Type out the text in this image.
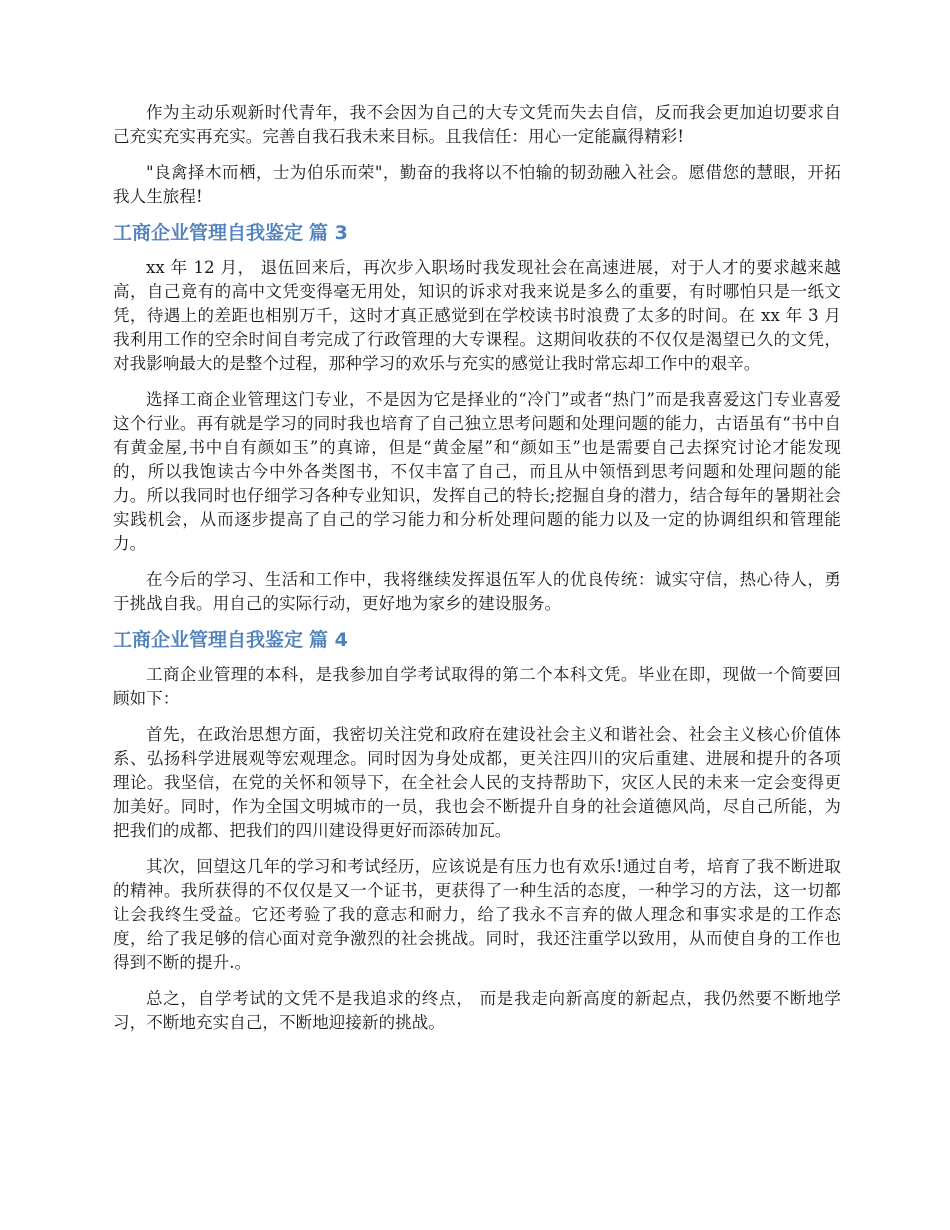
作为主动乐观新时代青年，我不会因为自己的大专文凭而失去自信，反而我会更加迫切要求自己充实充实再充实。完善自我石我未来目标。且我信任：用心一定能赢得精彩!

"良禽择木而栖，士为伯乐而荣"，勤奋的我将以不怕输的韧劲融入社会。愿借您的慧眼，开拓我人生旅程!

工商企业管理自我鉴定 篇 3

xx 年 12 月， 退伍回来后，再次步入职场时我发现社会在高速进展，对于人才的要求越来越高，自己竟有的高中文凭变得毫无用处，知识的诉求对我来说是多么的重要，有时哪怕只是一纸文凭，待遇上的差距也相别万千，这时才真正感觉到在学校读书时浪费了太多的时间。在 xx 年 3 月我利用工作的空余时间自考完成了行政管理的大专课程。这期间收获的不仅仅是渴望已久的文凭，对我影响最大的是整个过程，那种学习的欢乐与充实的感觉让我时常忘却工作中的艰辛。

选择工商企业管理这门专业，不是因为它是择业的“冷门”或者“热门”而是我喜爱这门专业喜爱这个行业。再有就是学习的同时我也培育了自己独立思考问题和处理问题的能力，古语虽有“书中自有黄金屋,书中自有颜如玉”的真谛，但是“黄金屋”和“颜如玉”也是需要自己去探究讨论才能发现的，所以我饱读古今中外各类图书，不仅丰富了自己，而且从中领悟到思考问题和处理问题的能力。所以我同时也仔细学习各种专业知识，发挥自己的特长;挖掘自身的潜力，结合每年的暑期社会实践机会，从而逐步提高了自己的学习能力和分析处理问题的能力以及一定的协调组织和管理能力。

在今后的学习、生活和工作中，我将继续发挥退伍军人的优良传统：诚实守信，热心待人，勇于挑战自我。用自己的实际行动，更好地为家乡的建设服务。

工商企业管理自我鉴定 篇 4

工商企业管理的本科，是我参加自学考试取得的第二个本科文凭。毕业在即，现做一个简要回顾如下：

首先，在政治思想方面，我密切关注党和政府在建设社会主义和谐社会、社会主义核心价值体系、弘扬科学进展观等宏观理念。同时因为身处成都，更关注四川的灾后重建、进展和提升的各项理论。我坚信，在党的关怀和领导下，在全社会人民的支持帮助下，灾区人民的未来一定会变得更加美好。同时，作为全国文明城市的一员，我也会不断提升自身的社会道德风尚，尽自己所能，为把我们的成都、把我们的四川建设得更好而添砖加瓦。

其次，回望这几年的学习和考试经历，应该说是有压力也有欢乐!通过自考，培育了我不断进取的精神。我所获得的不仅仅是又一个证书，更获得了一种生活的态度，一种学习的方法，这一切都让会我终生受益。它还考验了我的意志和耐力，给了我永不言弃的做人理念和事实求是的工作态度，给了我足够的信心面对竞争激烈的社会挑战。同时，我还注重学以致用，从而使自身的工作也得到不断的提升.。

总之，自学考试的文凭不是我追求的终点， 而是我走向新高度的新起点，我仍然要不断地学习，不断地充实自己，不断地迎接新的挑战。
